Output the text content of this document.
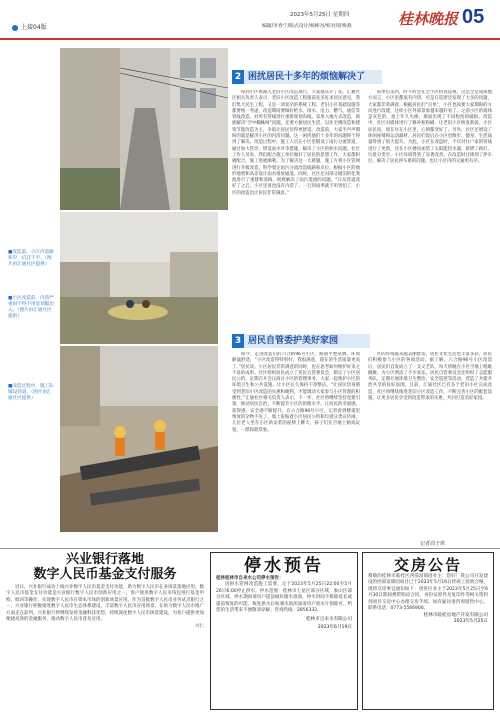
上接04版
2023年5月25日 星期四
编辑/李春宁/版式设计/杨彬谷/校对/蒋梅燕	桂林晚报 05
■改造前，小区内道路狭窄，坑洼不平。（图片由汇通社区提供）
■小区改造前，内涝严重时不得不用皮划艇出入。（图片由汇通社区提供）
■改造过程中，施工队铺设管道。（图片由汇通社区提供）
2 困扰居民十多年的烦恼解决了

每到小区被淹入老旧小区改造项目，大家都乐开了花。汇通社区相关负责人表示，老旧小区改造工程施前先多征求居民意见，我们集大民生工程，又是一项复杂的系统工程。老旧小区基础设施等都要统一考虑，改造期间要做好给水、排水、电力、燃气、通信等管线改造，对所有管线进行重新规划布线，采用入地方式改造，彻底解决“空中蜘蛛网”问题，还要方便居民生活，以住宅楼改造和建筑节能改造为主，争取让居民住得更舒适。改造前，大家半声声期盼的就是解决小区的内涝问题。这一困扰他们十多年的问题终于得到了解决。改造过程中，施工人员在小区里铺设了雨污分流管道，通过加大管径、增设雨水井等措施，解决了小区的积水问题。社区工作人员说，我们配合施工单位做好了居民的思想工作，大家都积极配合，施工进展顺利。为了解决这一大难题，施工方将小区管网进行升级改造，科学划定雨污分流改造线路和点位，根据小区的地形地势和高差设计雨水排放通道。同时，社区还对部分破旧的化粪池进行了重建和清掏，彻底解决了雨污混流的问题。“日从管道改好了之后，小区里再也没有内涝了。一旦到雨季就不用害怕了，小区的改造也让居民非常满意。”

雨季后来到，时不时会在全小区检查巡视，这是全是成绩地方而言，小区里都很有内涝，可是在巡逻还发现了大多的问题，大家都非常满意。根据居民们“点单”，小区也按要大家期盼的方向进行改建，这样小区外部景象越来越好看了。之前小区的墙体是灰色的，加上年久失修，墙面出现了不同程度的破损。改造中，社区对墙体进行了修补和粉刷，让老旧小区焕发新貌。小区居民说，现在住在小区里，心情都变好了。另外，社区还增设了休闲座椅和运动器材，居民们饭后在小区里散步、健身，生活质量得到了很大提升。为此，小区在改造时，不仅对住户家的管线进行了更新，还在小区楼顶加装了太阳能热水器，新增了路灯、垃圾分类亭，小区环境得到了显著改善。在改造时还规划了停车位，解决了居民停车难的问题，也让小区内的交通更有序。

3 居民自管委护美好家园

如今，走进改造后的六合路96号小区，路面平整宽阔，环境静谧舒适，“小区改造得特别好，我很满意，现在的生活质量更高了。”居民说。小区居民非常满意的同时，也在思考如何维护好来之不易的成果。社区组织居民成立了居民自管委员会，制定了小区居民公约，定期召开会议商讨小区的管理事务，大家一起维护小区的环境卫生和公共设施，让小区长久保持干净整洁。“让居民切身感受到老旧小区改造的实惠和便利，才能调动大家参与小区管理的积极性。”汇通社区相关负责人表示，下一步，社区将继续坚持党建引领，推动居民自治，不断提升小区的治理水平，让居民的幸福感、获得感、安全感不断提升。在六合路96号小区，记者看到楼道里堆放的杂物不见了，墙上张贴着小区居民公约和垃圾分类宣传画，几位老人坐在小区新安装的座椅上聊天，孩子们在空地上嬉戏玩耍，一派和谐景象。

区的环境越来越美丽舒适，居民文化生活也丰富多彩，居民们积极参与小区的各项活动。据了解，六合路96号小区改造后，居民们自发成立了一支文艺队，每天傍晚在小区空地上唱歌跳舞，为小区增添了不少欢乐。居民自管委员会还组织了志愿服务队，定期开展环境卫生整治、安全巡逻等活动，营造了共建共治共享的良好氛围。目前，汇通社区已有多个老旧小区完成改造，社区将继续推进老旧小区改造工作，不断完善小区的配套设施，让更多居民享受到改造带来的实惠，共同打造美好家园。

记者周子琪
兴业银行落地
数字人民币基金支付服务
近日，兴业银行成功上线兴业数字人民币基金支付功能，助力数字人民币在多场景落地应用。数字人民币基金支付功能是兴业银行数字人民币创新应用之一，客户使用数字人民币钱包进行基金申购、赎回等操作，实现数字人民币在资本市场的创新场景应用。作为首批数字人民币业务试点银行之一，兴业银行积极推进数字人民币生态体系建设，丰富数字人民币应用场景，在助力数字人民币推广方面走在前列。兴业银行将继续发挥金融科技优势，持续深化数字人民币场景建设，为客户提供更加便捷高效的金融服务，推动数字人民币普及应用。
兴仁
停水预告
桂林桂林市自来水公司停水预告：

因供水管网改造施工需要，定于2023年5月25日22:00至5月26日6:00停止供水。停水范围：桂林市七星区部分区域、象山区部分区域。停水期间请用户提前做好储水准备，停水时间不排除延长或提前恢复的可能，恢复供水后如遇水质浑浊请用户放水片刻即可。给您的生活带来不便敬请谅解。咨询热线：2856332。

桂林市自来水有限公司
2023年6月19日
交房公告
尊敬的桂林市临桂区西部富锦园业主：您好！我公司开发建设的西部富锦园项目已于2023年5月16日经竣工验收合格，现将交房事宜通知如下：请各位业主于2023年5月25日至6月30日期间携带购房合同、身份证原件及复印件等相关资料到项目交房中心办理交房手续。如有疑问请咨询销售中心，联系电话：0773-5566900。
桂林市临桂房地产开发有限公司
2023年5月25日
